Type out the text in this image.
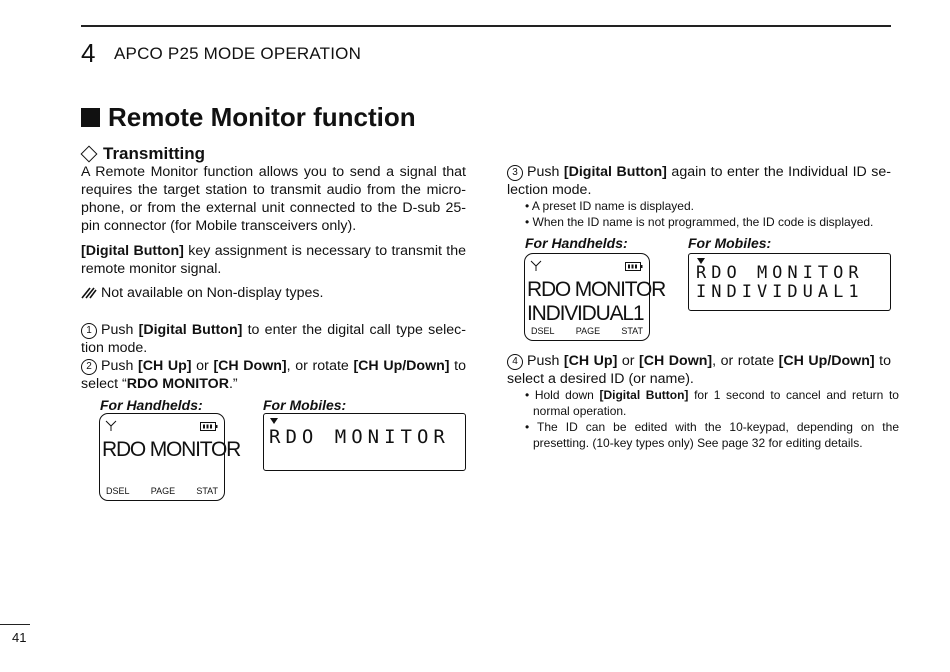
4 APCO P25 MODE OPERATION
Remote Monitor function
Transmitting
A Remote Monitor function allows you to send a signal that requires the target station to transmit audio from the micro-phone, or from the external unit connected to the D-sub 25-pin connector (for Mobile transceivers only).
[Digital Button] key assignment is necessary to transmit the remote monitor signal.
Not available on Non-display types.
1 Push [Digital Button] to enter the digital call type selec-tion mode.
2 Push [CH Up] or [CH Down], or rotate [CH Up/Down] to select “RDO MONITOR.”
For Handhelds:	For Mobiles:
RDO MONITOR
DSEL PAGE STAT
RDO MONITOR
3 Push [Digital Button] again to enter the Individual ID se-lection mode.
• A preset ID name is displayed.
• When the ID name is not programmed, the ID code is displayed.
For Handhelds:	For Mobiles:
RDO MONITOR
INDIVIDUAL1
DSEL PAGE STAT
RDO MONITOR
INDIVIDUAL1
4 Push [CH Up] or [CH Down], or rotate [CH Up/Down] to select a desired ID (or name).
• Hold down [Digital Button] for 1 second to cancel and return to normal operation.
• The ID can be edited with the 10-keypad, depending on the presetting. (10-key types only) See page 32 for editing details.
41
